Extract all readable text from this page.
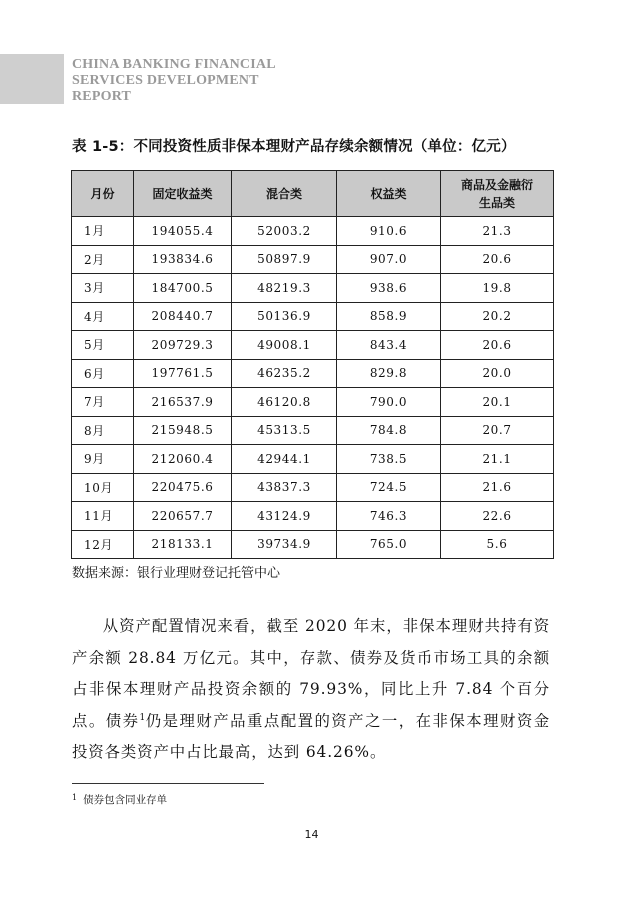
CHINA BANKING FINANCIAL
SERVICES DEVELOPMENT
REPORT
表 1-5：不同投资性质非保本理财产品存续余额情况（单位：亿元）
月份	固定收益类	混合类	权益类	商品及金融衍生品类
1月	194055.4	52003.2	910.6	21.3
2月	193834.6	50897.9	907.0	20.6
3月	184700.5	48219.3	938.6	19.8
4月	208440.7	50136.9	858.9	20.2
5月	209729.3	49008.1	843.4	20.6
6月	197761.5	46235.2	829.8	20.0
7月	216537.9	46120.8	790.0	20.1
8月	215948.5	45313.5	784.8	20.7
9月	212060.4	42944.1	738.5	21.1
10月	220475.6	43837.3	724.5	21.6
11月	220657.7	43124.9	746.3	22.6
12月	218133.1	39734.9	765.0	5.6
数据来源：银行业理财登记托管中心

从资产配置情况来看，截至 2020 年末，非保本理财共持有资产余额 28.84 万亿元。其中，存款、债券及货币市场工具的余额占非保本理财产品投资余额的 79.93%，同比上升 7.84 个百分点。债券$^1$仍是理财产品重点配置的资产之一，在非保本理财资金投资各类资产中占比最高，达到 64.26%。

$^1$ 债券包含同业存单
14
